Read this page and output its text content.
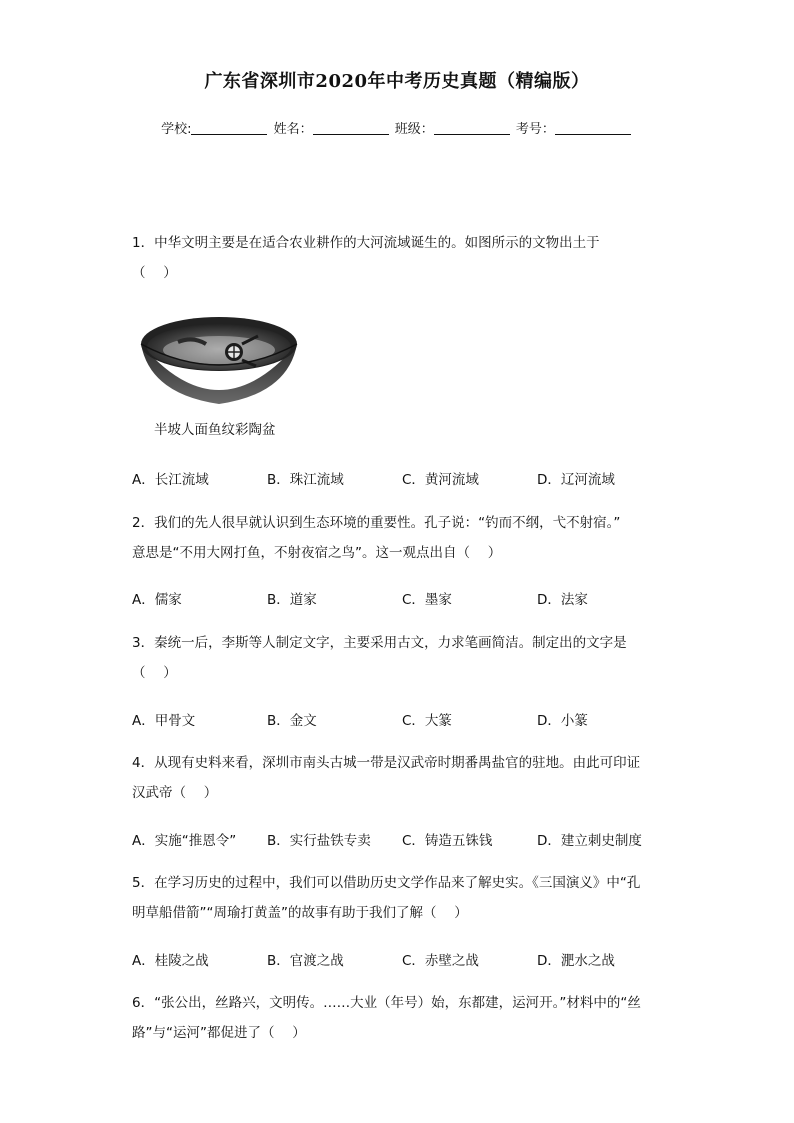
广东省深圳市2020年中考历史真题（精编版）
学校:	姓名：	班级：	考号：
1．中华文明主要是在适合农业耕作的大河流域诞生的。如图所示的文物出土于
（　 ）
半坡人面鱼纹彩陶盆
A．长江流域	B．珠江流域	C．黄河流域	D．辽河流域
2．我们的先人很早就认识到生态环境的重要性。孔子说：“钓而不纲，弋不射宿。”
意思是“不用大网打鱼，不射夜宿之鸟”。这一观点出自（　 ）
A．儒家	B．道家	C．墨家	D．法家
3．秦统一后，李斯等人制定文字，主要采用古文，力求笔画简洁。制定出的文字是
（　 ）
A．甲骨文	B．金文	C．大篆	D．小篆
4．从现有史料来看，深圳市南头古城一带是汉武帝时期番禺盐官的驻地。由此可印证
汉武帝（　 ）
A．实施“推恩令”	B．实行盐铁专卖	C．铸造五铢钱	D．建立刺史制度
5．在学习历史的过程中，我们可以借助历史文学作品来了解史实。《三国演义》中“孔
明草船借箭”“周瑜打黄盖”的故事有助于我们了解（　 ）
A．桂陵之战	B．官渡之战	C．赤壁之战	D．淝水之战
6．“张公出，丝路兴，文明传。……大业（年号）始，东都建，运河开。”材料中的“丝
路”与“运河”都促进了（　 ）
